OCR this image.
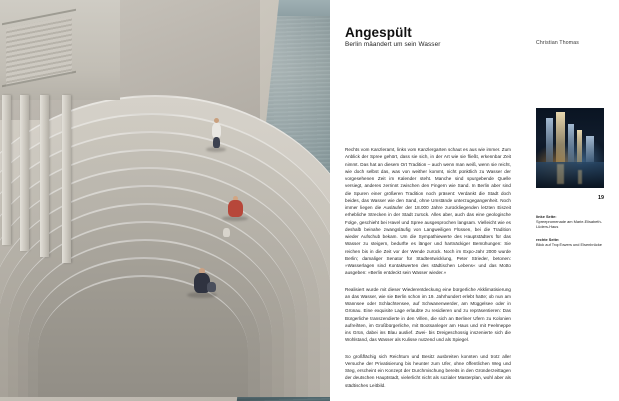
Angespült
Berlin mäandert um sein Wasser	Christian Thomas
19
linke Seite:
Spreepromenade am Marie-Elisabeth-Lüders-Haus
rechte Seite:
Blick auf TropTowers und Elsenbrücke

Rechts vom Kanzleramt, links vom Kanzlergarten schaut es aus wie immer. Zum Anblick der Spree gehört, dass sie sich, in der Art wie sie fließt, erkennbar Zeit nimmt. Das hat an diesem Ort Tradition – auch wenn man weiß, wenn sie reicht, wie doch selbst das, was von weither kommt, nicht pünktlich zu Wasser der vorgesehenen Zeit im Kalender steht. Manche sind spurgebende Quelle versiegt, anderes zerrinnt zwischen den Fingern wie Sand. In Berlin aber sind die Spuren einer größeren Tradition noch präsent: Verdankt die Stadt doch beides, das Wasser wie den Sand, ohne Umstände unterzugegangenheit. Noch immer liegen die Ausläufer der 18.000 Jahre zurückliegenden letzten Eiszeit erhebliche Strecken in der Stadt zurück. Alles aber, auch das eine geologische Folge, geschieht bei Havel und Spree ausgesprochen langsam. Vielleicht wie es deshalb beinahe zwangsläufig von Langweiligen Flüssen, bei die Tradition wieder Aufschub bekam. Um die Sympathiewerte des Hauptstädters für das Wasser zu steigern, bedurfte es länger und hartnäckiger Bemühungen: Sie reichen bis in die Zeit vor der Wende zurück. Noch im Expo-Jahr 2000 wurde Berlin; damaliger Senator für Stadtentwicklung, Peter Strieder, betonen: »Wasserlagen sind Kontaktwerten des städtischen Lebens« und das Motto ausgeben: »Berlin entdeckt sein Wasser wieder.«

Realisiert wurde mit dieser Wiederentdeckung eine bürgerliche Akklimatisierung an das Wasser, wie sie Berlin schon im 19. Jahrhundert erlebt hatte; ob nun am Wannsee oder Schlachtensee, auf Schwanenwerder, am Müggelsee oder in Grünau. Eine exquisite Lage erlaubte zu residieren und zu repräsentieren: Das Bürgerliche transzendierte in den Villen, die sich an Berliner Ufern zu Kolonien aufreihten, im Großbürgerliche, mit Bootsanleger am Haus und mit Feelmeppe ins Grün, dabei ins Blau auslief. Zwei- bis Dreigeschossig inszenierte sich die Wohlstand, das Wasser als Kulisse nutzend und als Spiegel.

So großflächig sich Reichtum und Besitz ausbreiten konnten und trotz aller Versuche der Privatisierung bis heunter zum Ufer, ohne öffentlichen Weg und Steg, erscheint ein Konzept der Durchmischung bereits in den Gründerzeittagen der deutschen Hauptstadt, vielerlicht nicht als sozialer Masterplan, wohl aber als städtisches Leitbild.
